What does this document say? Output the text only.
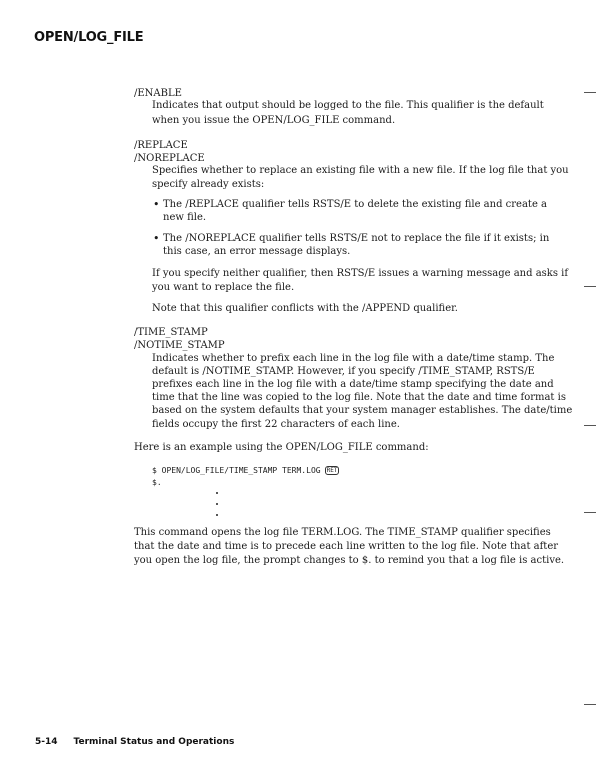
OPEN/LOG_FILE
/ENABLE
Indicates that output should be logged to the file. This qualifier is the default
when you issue the OPEN/LOG_FILE command.
/REPLACE
/NOREPLACE
Specifies whether to replace an existing file with a new file. If the log file that you
specify already exists:
• The /REPLACE qualifier tells RSTS/E to delete the existing file and create a
new file.
• The /NOREPLACE qualifier tells RSTS/E not to replace the file if it exists; in
this case, an error message displays.
If you specify neither qualifier, then RSTS/E issues a warning message and asks if
you want to replace the file.
Note that this qualifier conflicts with the /APPEND qualifier.
/TIME_STAMP
/NOTIME_STAMP
Indicates whether to prefix each line in the log file with a date/time stamp. The
default is /NOTIME_STAMP. However, if you specify /TIME_STAMP, RSTS/E
prefixes each line in the log file with a date/time stamp specifying the date and
time that the line was copied to the log file. Note that the date and time format is
based on the system defaults that your system manager establishes. The date/time
fields occupy the first 22 characters of each line.
Here is an example using the OPEN/LOG_FILE command:
$ OPEN/LOG_FILE/TIME_STAMP TERM.LOG RET
$.
This command opens the log file TERM.LOG. The TIME_STAMP qualifier specifies
that the date and time is to precede each line written to the log file. Note that after
you open the log file, the prompt changes to $. to remind you that a log file is active.
5-14 Terminal Status and Operations
